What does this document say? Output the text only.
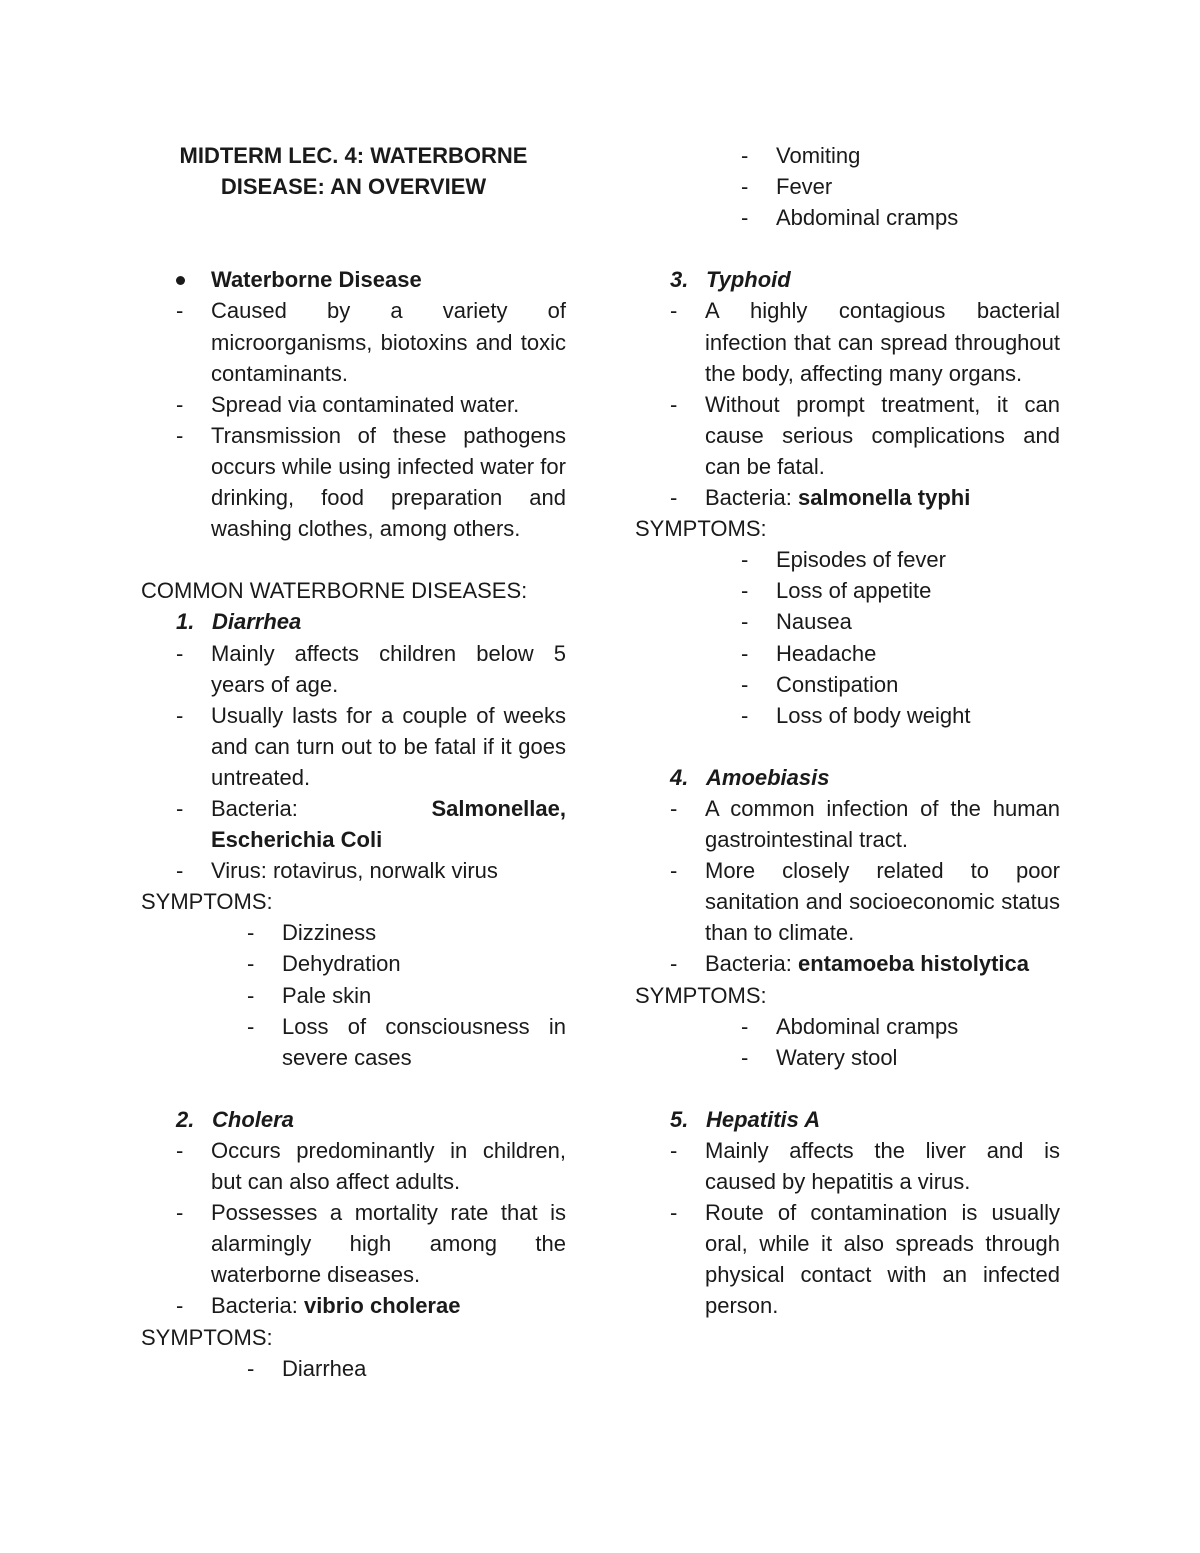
MIDTERM LEC. 4: WATERBORNE
DISEASE: AN OVERVIEW
Waterborne Disease
-	Caused by a variety of microorganisms, biotoxins and toxic contaminants.
-	Spread via contaminated water.
-	Transmission of these pathogens occurs while using infected water for drinking, food preparation and washing clothes, among others.
COMMON WATERBORNE DISEASES:
1. Diarrhea
-	Mainly affects children below 5 years of age.
-	Usually lasts for a couple of weeks and can turn out to be fatal if it goes untreated.
-	Bacteria:	Salmonellae, Escherichia Coli
-	Virus: rotavirus, norwalk virus
SYMPTOMS:
-	Dizziness
-	Dehydration
-	Pale skin
-	Loss of consciousness in severe cases
2. Cholera
-	Occurs predominantly in children, but can also affect adults.
-	Possesses a mortality rate that is alarmingly high among the waterborne diseases.
-	Bacteria: vibrio cholerae
SYMPTOMS:
-	Diarrhea
-	Vomiting
-	Fever
-	Abdominal cramps
3. Typhoid
-	A highly contagious bacterial infection that can spread throughout the body, affecting many organs.
-	Without prompt treatment, it can cause serious complications and can be fatal.
-	Bacteria: salmonella typhi
SYMPTOMS:
-	Episodes of fever
-	Loss of appetite
-	Nausea
-	Headache
-	Constipation
-	Loss of body weight
4. Amoebiasis
-	A common infection of the human gastrointestinal tract.
-	More closely related to poor sanitation and socioeconomic status than to climate.
-	Bacteria: entamoeba histolytica
SYMPTOMS:
-	Abdominal cramps
-	Watery stool
5. Hepatitis A
-	Mainly affects the liver and is caused by hepatitis a virus.
-	Route of contamination is usually oral, while it also spreads through physical contact with an infected person.
